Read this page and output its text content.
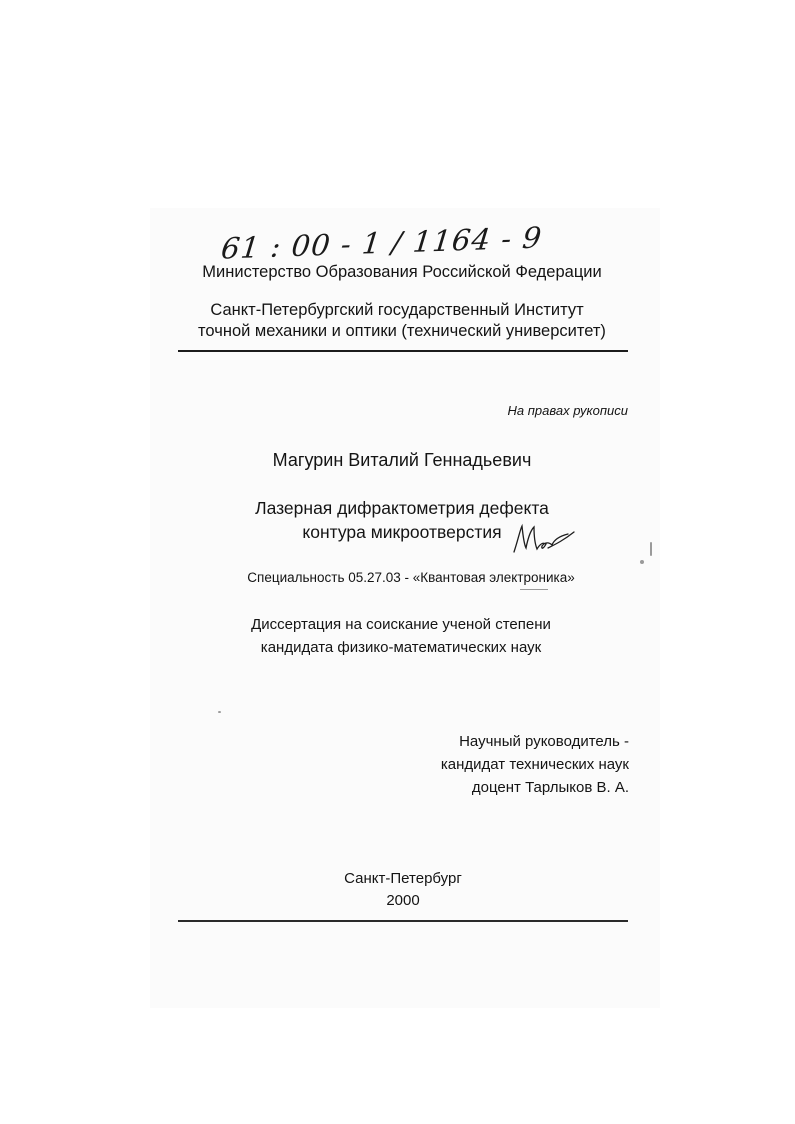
61 : 00 - 1 / 1164 - 9
Министерство Образования Российской Федерации
Санкт-Петербургский государственный Институт
точной механики и оптики (технический университет)
На правах рукописи
Магурин Виталий Геннадьевич
Лазерная дифрактометрия дефекта
контура микроотверстия
Специальность 05.27.03 - «Квантовая электроника»
Диссертация на соискание ученой степени
кандидата физико-математических наук
Научный руководитель -
кандидат технических наук
доцент Тарлыков В. А.
Санкт-Петербург
2000
